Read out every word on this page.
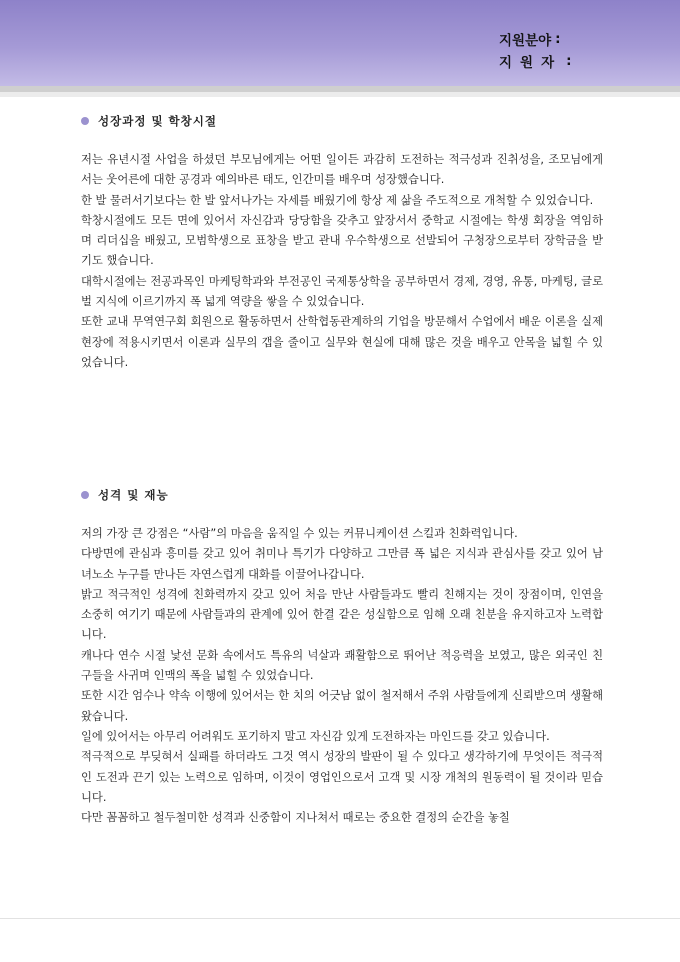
지원분야 :
지원자 :
성장과정 및 학창시절

저는 유년시절 사업을 하셨던 부모님에게는 어떤 일이든 과감히 도전하는 적극성과 진취성을, 조모님에게서는 웃어른에 대한 공경과 예의바른 태도, 인간미를 배우며 성장했습니다.

한 발 물러서기보다는 한 발 앞서나가는 자세를 배웠기에 항상 제 삶을 주도적으로 개척할 수 있었습니다.

학창시절에도 모든 면에 있어서 자신감과 당당함을 갖추고 앞장서서 중학교 시절에는 학생 회장을 역임하며 리더십을 배웠고, 모범학생으로 표창을 받고 관내 우수학생으로 선발되어 구청장으로부터 장학금을 받기도 했습니다.

대학시절에는 전공과목인 마케팅학과와 부전공인 국제통상학을 공부하면서 경제, 경영, 유통, 마케팅, 글로벌 지식에 이르기까지 폭 넓게 역량을 쌓을 수 있었습니다.

또한 교내 무역연구회 회원으로 활동하면서 산학협동관계하의 기업을 방문해서 수업에서 배운 이론을 실제 현장에 적용시키면서 이론과 실무의 갭을 줄이고 실무와 현실에 대해 많은 것을 배우고 안목을 넓힐 수 있었습니다.

성격 및 재능

저의 가장 큰 강점은 “사람”의 마음을 움직일 수 있는 커뮤니케이션 스킬과 친화력입니다.

다방면에 관심과 흥미를 갖고 있어 취미나 특기가 다양하고 그만큼 폭 넓은 지식과 관심사를 갖고 있어 남녀노소 누구를 만나든 자연스럽게 대화를 이끌어나갑니다.

밝고 적극적인 성격에 친화력까지 갖고 있어 처음 만난 사람들과도 빨리 친해지는 것이 장점이며, 인연을 소중히 여기기 때문에 사람들과의 관계에 있어 한결 같은 성실함으로 임해 오래 친분을 유지하고자 노력합니다.

캐나다 연수 시절 낯선 문화 속에서도 특유의 넉살과 쾌활함으로 뛰어난 적응력을 보였고, 많은 외국인 친구들을 사귀며 인맥의 폭을 넓힐 수 있었습니다.

또한 시간 엄수나 약속 이행에 있어서는 한 치의 어긋남 없이 철저해서 주위 사람들에게 신뢰받으며 생활해왔습니다.

일에 있어서는 아무리 어려워도 포기하지 말고 자신감 있게 도전하자는 마인드를 갖고 있습니다.

적극적으로 부딪혀서 실패를 하더라도 그것 역시 성장의 발판이 될 수 있다고 생각하기에 무엇이든 적극적인 도전과 끈기 있는 노력으로 임하며, 이것이 영업인으로서 고객 및 시장 개척의 원동력이 될 것이라 믿습니다.

다만 꼼꼼하고 철두철미한 성격과 신중함이 지나쳐서 때로는 중요한 결정의 순간을 놓칠
